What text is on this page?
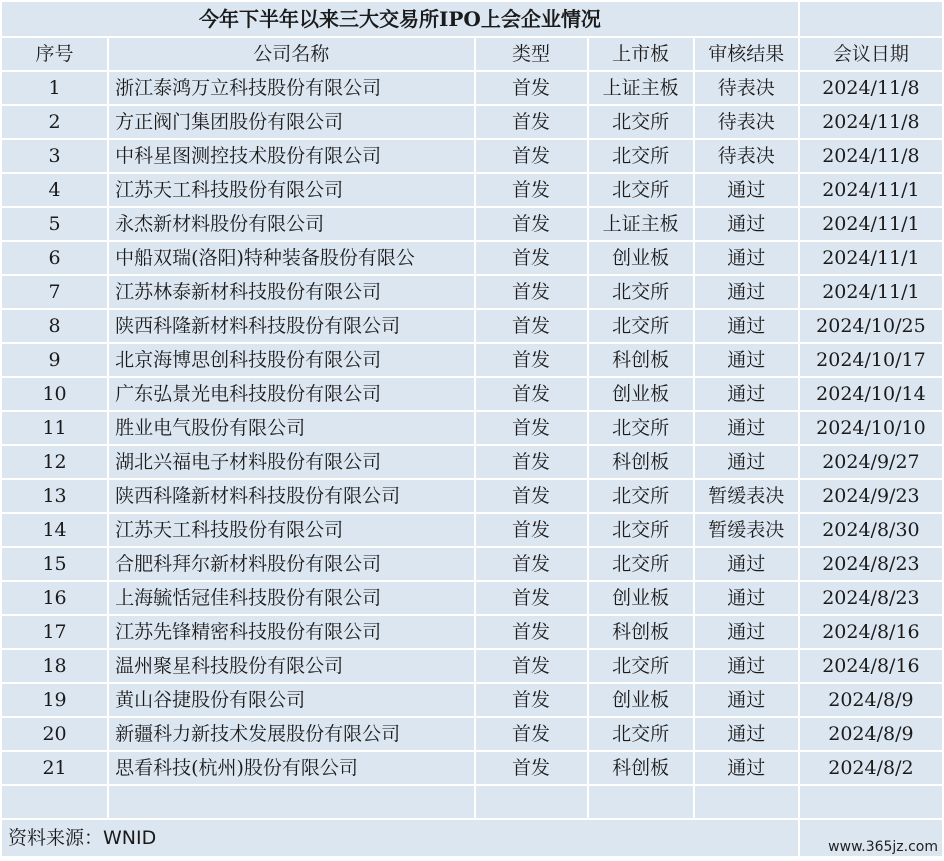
今年下半年以来三大交易所IPO上会企业情况					
序号	公司名称	类型	上市板	审核结果	会议日期
1	浙江泰鸿万立科技股份有限公司	首发	上证主板	待表决	2024/11/8
2	方正阀门集团股份有限公司	首发	北交所	待表决	2024/11/8
3	中科星图测控技术股份有限公司	首发	北交所	待表决	2024/11/8
4	江苏天工科技股份有限公司	首发	北交所	通过	2024/11/1
5	永杰新材料股份有限公司	首发	上证主板	通过	2024/11/1
6	中船双瑞(洛阳)特种装备股份有限公	首发	创业板	通过	2024/11/1
7	江苏林泰新材科技股份有限公司	首发	北交所	通过	2024/11/1
8	陕西科隆新材料科技股份有限公司	首发	北交所	通过	2024/10/25
9	北京海博思创科技股份有限公司	首发	科创板	通过	2024/10/17
10	广东弘景光电科技股份有限公司	首发	创业板	通过	2024/10/14
11	胜业电气股份有限公司	首发	北交所	通过	2024/10/10
12	湖北兴福电子材料股份有限公司	首发	科创板	通过	2024/9/27
13	陕西科隆新材料科技股份有限公司	首发	北交所	暂缓表决	2024/9/23
14	江苏天工科技股份有限公司	首发	北交所	暂缓表决	2024/8/30
15	合肥科拜尔新材料股份有限公司	首发	北交所	通过	2024/8/23
16	上海毓恬冠佳科技股份有限公司	首发	创业板	通过	2024/8/23
17	江苏先锋精密科技股份有限公司	首发	科创板	通过	2024/8/16
18	温州聚星科技股份有限公司	首发	北交所	通过	2024/8/16
19	黄山谷捷股份有限公司	首发	创业板	通过	2024/8/9
20	新疆科力新技术发展股份有限公司	首发	北交所	通过	2024/8/9
21	思看科技(杭州)股份有限公司	首发	科创板	通过	2024/8/2

资料来源：WNID					www.365jz.com
